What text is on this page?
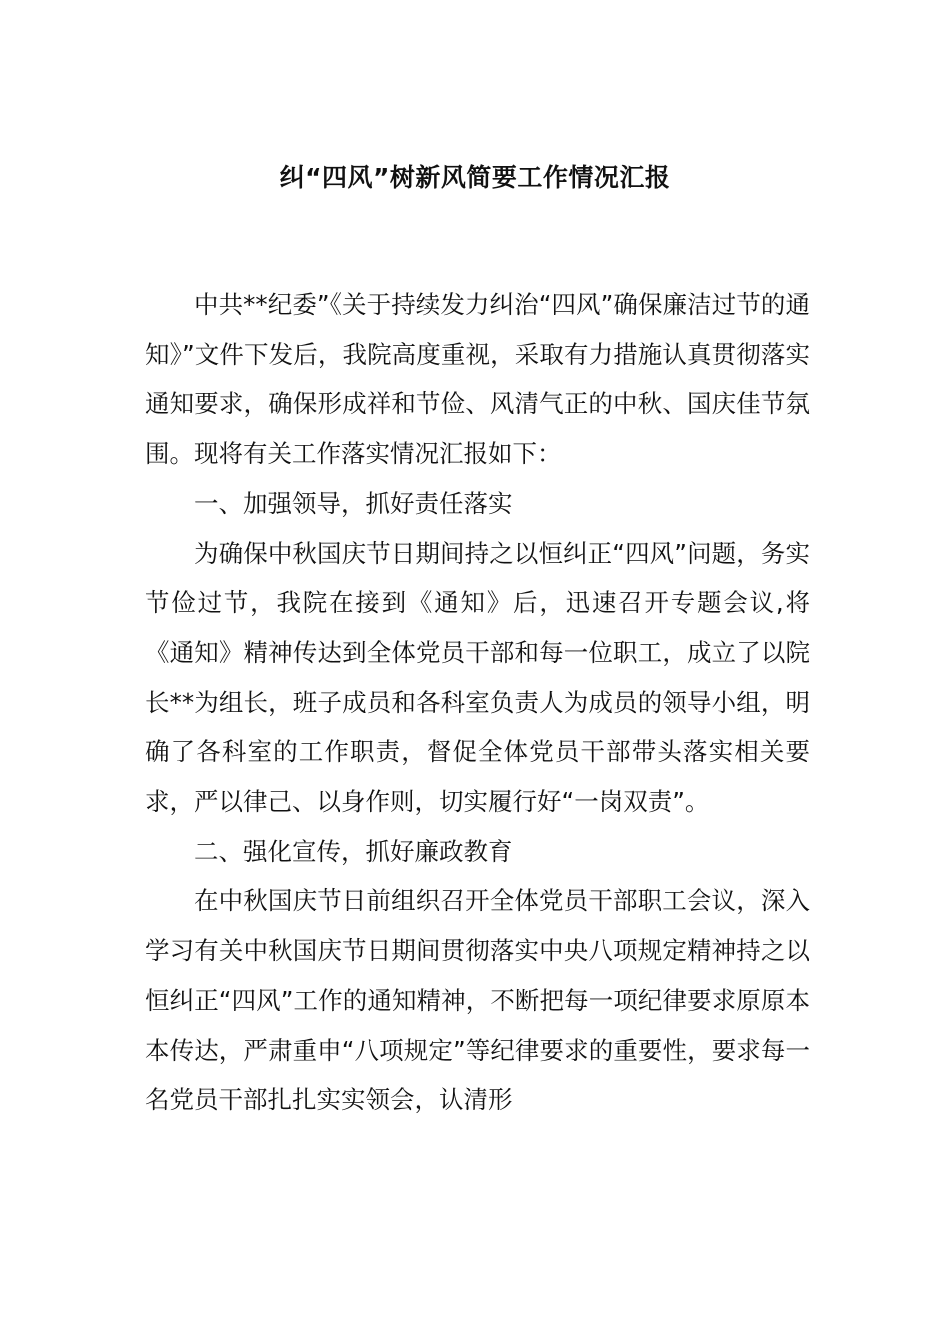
纠“四风”树新风简要工作情况汇报

中共**纪委”《关于持续发力纠治“四风”确保廉洁过节的通知》”文件下发后，我院高度重视，采取有力措施认真贯彻落实通知要求，确保形成祥和节俭、风清气正的中秋、国庆佳节氛围。现将有关工作落实情况汇报如下：

一、加强领导，抓好责任落实

为确保中秋国庆节日期间持之以恒纠正“四风”问题，务实节俭过节，我院在接到《通知》后，迅速召开专题会议,将《通知》精神传达到全体党员干部和每一位职工，成立了以院长**为组长，班子成员和各科室负责人为成员的领导小组，明确了各科室的工作职责，督促全体党员干部带头落实相关要求，严以律己、以身作则，切实履行好“一岗双责”。

二、强化宣传，抓好廉政教育

在中秋国庆节日前组织召开全体党员干部职工会议，深入学习有关中秋国庆节日期间贯彻落实中央八项规定精神持之以恒纠正“四风”工作的通知精神，不断把每一项纪律要求原原本本传达，严肃重申“八项规定”等纪律要求的重要性，要求每一名党员干部扎扎实实领会，认清形
